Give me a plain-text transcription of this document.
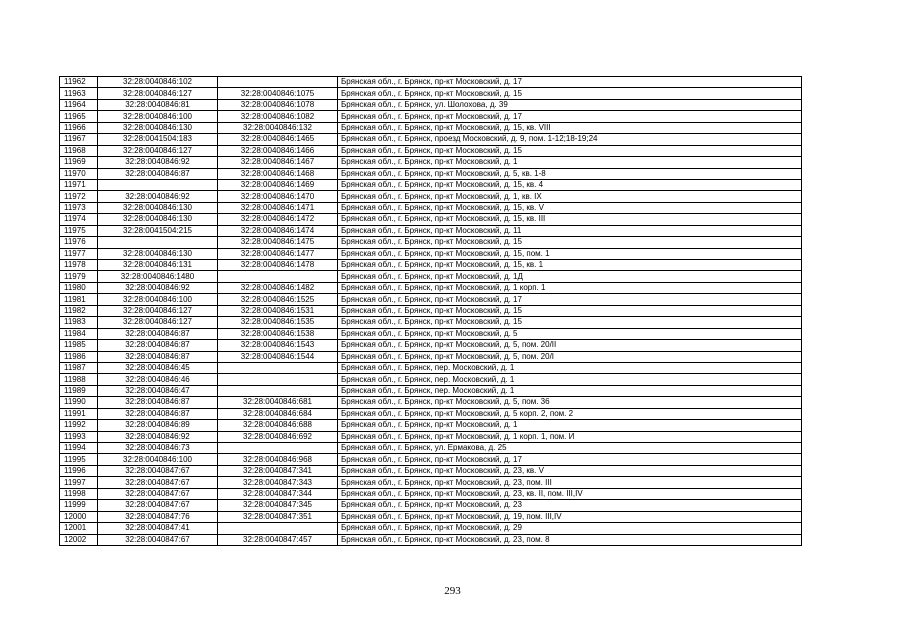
11962	32:28:0040846:102		Брянская обл., г. Брянск, пр-кт Московский, д. 17
11963	32:28:0040846:127	32:28:0040846:1075	Брянская обл., г. Брянск, пр-кт Московский, д. 15
11964	32:28:0040846:81	32:28:0040846:1078	Брянская обл., г. Брянск, ул. Шолохова, д. 39
11965	32:28:0040846:100	32:28:0040846:1082	Брянская обл., г. Брянск, пр-кт Московский, д. 17
11966	32:28:0040846:130	32:28:0040846:132	Брянская обл., г. Брянск, пр-кт Московский, д. 15, кв. VIII
11967	32:28:0041504:183	32:28:0040846:1465	Брянская обл., г. Брянск, проезд Московский, д. 9, пом. 1-12;18-19;24
11968	32:28:0040846:127	32:28:0040846:1466	Брянская обл., г. Брянск, пр-кт Московский, д. 15
11969	32:28:0040846:92	32:28:0040846:1467	Брянская обл., г. Брянск, пр-кт Московский, д. 1
11970	32:28:0040846:87	32:28:0040846:1468	Брянская обл., г. Брянск, пр-кт Московский, д. 5, кв. 1-8
11971		32:28:0040846:1469	Брянская обл., г. Брянск, пр-кт Московский, д. 15, кв. 4
11972	32:28:0040846:92	32:28:0040846:1470	Брянская обл., г. Брянск, пр-кт Московский, д. 1, кв. IX
11973	32:28:0040846:130	32:28:0040846:1471	Брянская обл., г. Брянск, пр-кт Московский, д. 15, кв. V
11974	32:28:0040846:130	32:28:0040846:1472	Брянская обл., г. Брянск, пр-кт Московский, д. 15, кв. III
11975	32:28:0041504:215	32:28:0040846:1474	Брянская обл., г. Брянск, пр-кт Московский, д. 11
11976		32:28:0040846:1475	Брянская обл., г. Брянск, пр-кт Московский, д. 15
11977	32:28:0040846:130	32:28:0040846:1477	Брянская обл., г. Брянск, пр-кт Московский, д. 15, пом. 1
11978	32:28:0040846:131	32:28:0040846:1478	Брянская обл., г. Брянск, пр-кт Московский, д. 15, кв. 1
11979	32:28:0040846:1480		Брянская обл., г. Брянск, пр-кт Московский, д. 1Д
11980	32:28:0040846:92	32:28:0040846:1482	Брянская обл., г. Брянск, пр-кт Московский, д. 1 корп. 1
11981	32:28:0040846:100	32:28:0040846:1525	Брянская обл., г. Брянск, пр-кт Московский, д. 17
11982	32:28:0040846:127	32:28:0040846:1531	Брянская обл., г. Брянск, пр-кт Московский, д. 15
11983	32:28:0040846:127	32:28:0040846:1535	Брянская обл., г. Брянск, пр-кт Московский, д. 15
11984	32:28:0040846:87	32:28:0040846:1538	Брянская обл., г. Брянск, пр-кт Московский, д. 5
11985	32:28:0040846:87	32:28:0040846:1543	Брянская обл., г. Брянск, пр-кт Московский, д. 5, пом. 20/II
11986	32:28:0040846:87	32:28:0040846:1544	Брянская обл., г. Брянск, пр-кт Московский, д. 5, пом. 20/I
11987	32:28:0040846:45		Брянская обл., г. Брянск, пер. Московский, д. 1
11988	32:28:0040846:46		Брянская обл., г. Брянск, пер. Московский, д. 1
11989	32:28:0040846:47		Брянская обл., г. Брянск, пер. Московский, д. 1
11990	32:28:0040846:87	32:28:0040846:681	Брянская обл., г. Брянск, пр-кт Московский, д. 5, пом. 36
11991	32:28:0040846:87	32:28:0040846:684	Брянская обл., г. Брянск, пр-кт Московский, д. 5 корп. 2, пом. 2
11992	32:28:0040846:89	32:28:0040846:688	Брянская обл., г. Брянск, пр-кт Московский, д. 1
11993	32:28:0040846:92	32:28:0040846:692	Брянская обл., г. Брянск, пр-кт Московский, д. 1 корп. 1, пом. И
11994	32:28:0040846:73		Брянская обл., г. Брянск, ул. Ермакова, д. 25
11995	32:28:0040846:100	32:28:0040846:968	Брянская обл., г. Брянск, пр-кт Московский, д. 17
11996	32:28:0040847:67	32:28:0040847:341	Брянская обл., г. Брянск, пр-кт Московский, д. 23, кв. V
11997	32:28:0040847:67	32:28:0040847:343	Брянская обл., г. Брянск, пр-кт Московский, д. 23, пом. III
11998	32:28:0040847:67	32:28:0040847:344	Брянская обл., г. Брянск, пр-кт Московский, д. 23, кв. II, пом. III,IV
11999	32:28:0040847:67	32:28:0040847:345	Брянская обл., г. Брянск, пр-кт Московский, д. 23
12000	32:28:0040847:76	32:28:0040847:351	Брянская обл., г. Брянск, пр-кт Московский, д. 19, пом. III,IV
12001	32:28:0040847:41		Брянская обл., г. Брянск, пр-кт Московский, д. 29
12002	32:28:0040847:67	32:28:0040847:457	Брянская обл., г. Брянск, пр-кт Московский, д. 23, пом. 8
293
